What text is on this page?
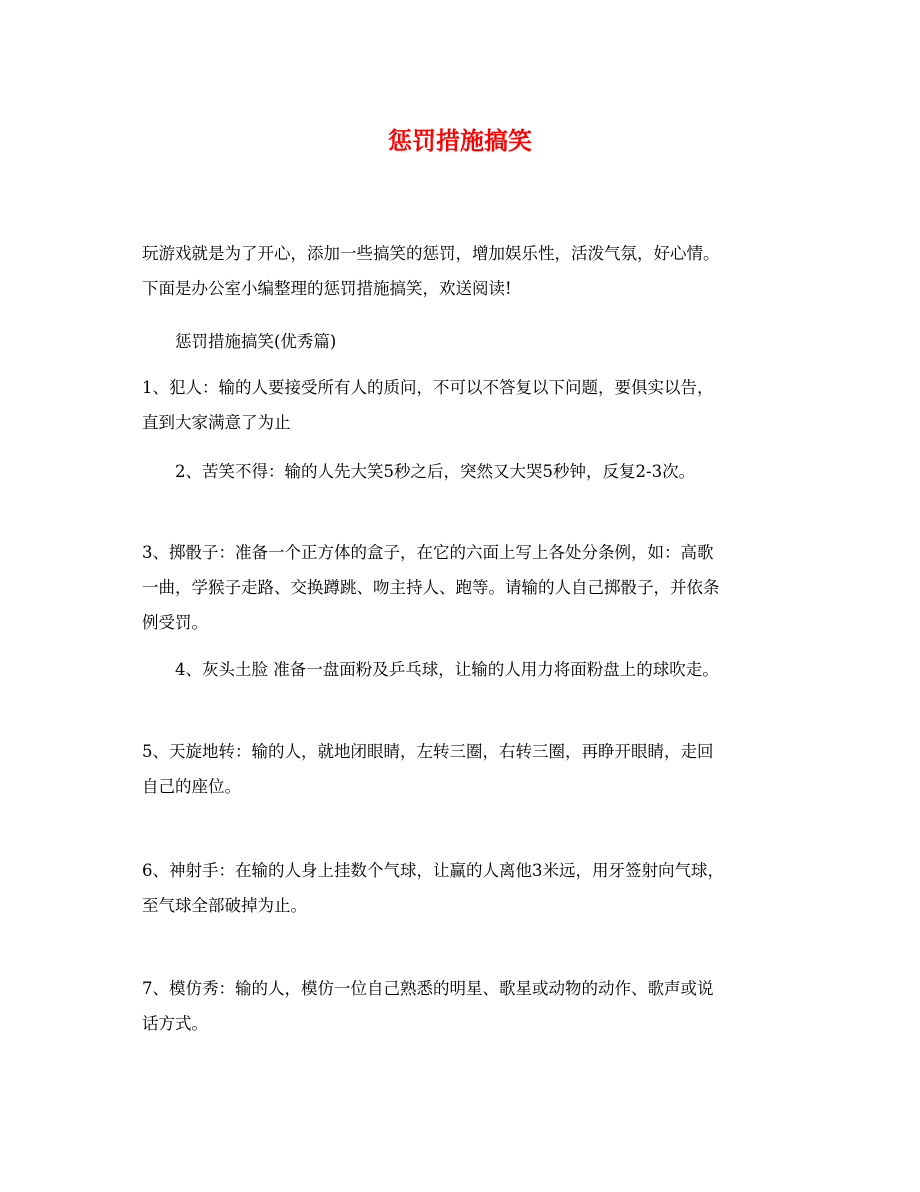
惩罚措施搞笑
玩游戏就是为了开心，添加一些搞笑的惩罚，增加娱乐性，活泼气氛，好心情。
下面是办公室小编整理的惩罚措施搞笑，欢送阅读!
惩罚措施搞笑(优秀篇)
1、犯人：输的人要接受所有人的质问，不可以不答复以下问题，要俱实以告，
直到大家满意了为止
2、苦笑不得：输的人先大笑5秒之后，突然又大哭5秒钟，反复2-3次。
3、掷骰子：准备一个正方体的盒子，在它的六面上写上各处分条例，如：高歌
一曲，学猴子走路、交换蹲跳、吻主持人、跑等。请输的人自己掷骰子，并依条
例受罚。
4、灰头土脸 准备一盘面粉及乒乓球，让输的人用力将面粉盘上的球吹走。
5、天旋地转：输的人，就地闭眼睛，左转三圈，右转三圈，再睁开眼睛，走回
自己的座位。
6、神射手：在输的人身上挂数个气球，让赢的人离他3米远，用牙签射向气球，
至气球全部破掉为止。
7、模仿秀：输的人，模仿一位自己熟悉的明星、歌星或动物的动作、歌声或说
话方式。
